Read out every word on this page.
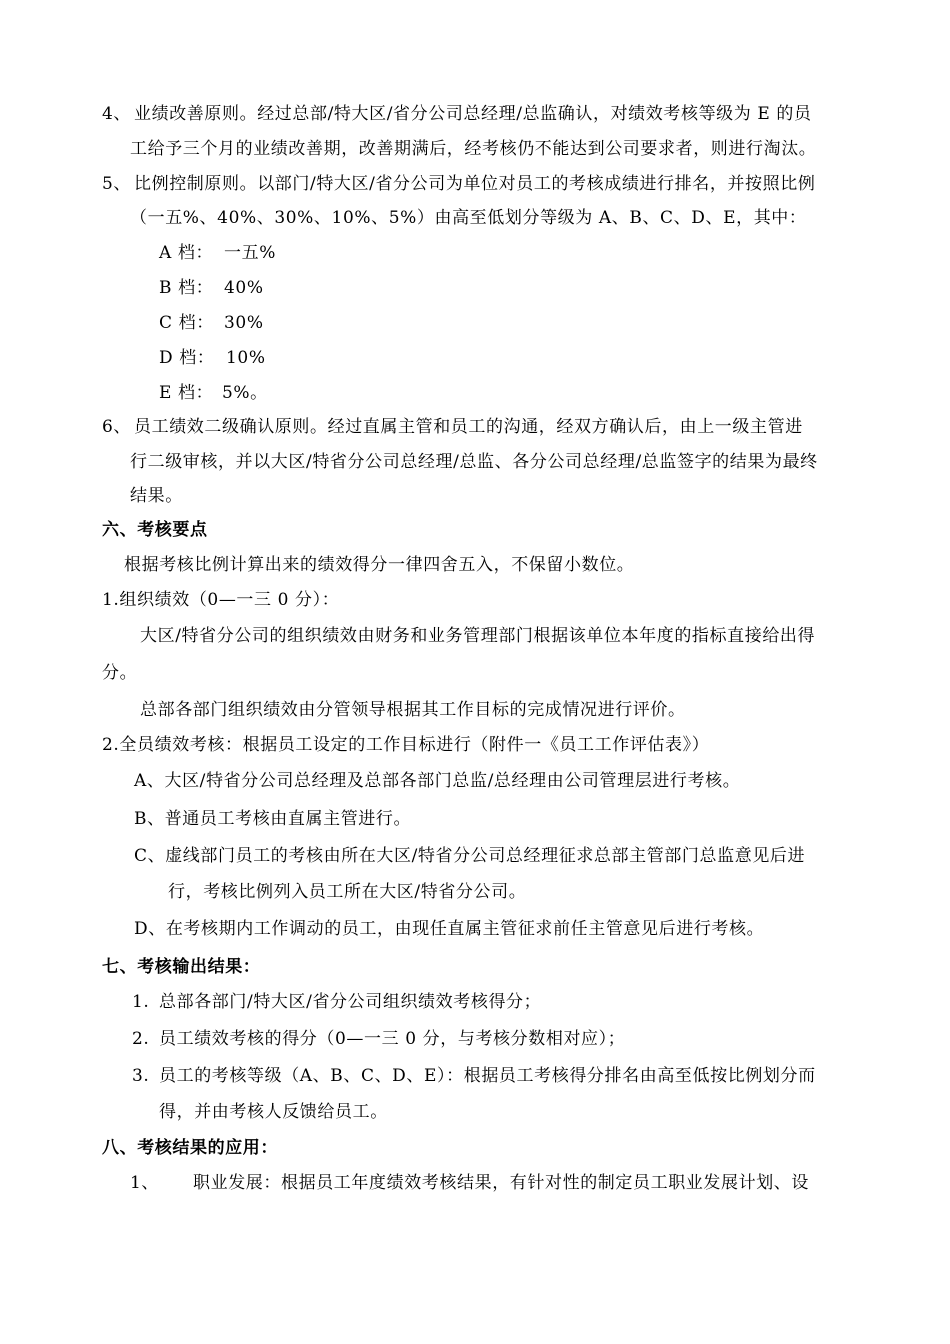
4、 业绩改善原则。经过总部/特大区/省分公司总经理/总监确认，对绩效考核等级为 E 的员
工给予三个月的业绩改善期，改善期满后，经考核仍不能达到公司要求者，则进行淘汰。
5、 比例控制原则。以部门/特大区/省分公司为单位对员工的考核成绩进行排名，并按照比例
（一五%、40%、30%、10%、5%）由高至低划分等级为 A、B、C、D、E，其中：
A 档： 一五%
B 档： 40%
C 档： 30%
D 档： 10%
E 档： 5%。
6、 员工绩效二级确认原则。经过直属主管和员工的沟通，经双方确认后，由上一级主管进
行二级审核，并以大区/特省分公司总经理/总监、各分公司总经理/总监签字的结果为最终
结果。
六、考核要点
根据考核比例计算出来的绩效得分一律四舍五入，不保留小数位。
1.组织绩效（0—一三 0 分）：
大区/特省分公司的组织绩效由财务和业务管理部门根据该单位本年度的指标直接给出得
分。
总部各部门组织绩效由分管领导根据其工作目标的完成情况进行评价。
2.全员绩效考核：根据员工设定的工作目标进行（附件一《员工工作评估表》）
A、大区/特省分公司总经理及总部各部门总监/总经理由公司管理层进行考核。
B、普通员工考核由直属主管进行。
C、虚线部门员工的考核由所在大区/特省分公司总经理征求总部主管部门总监意见后进
行，考核比例列入员工所在大区/特省分公司。
D、在考核期内工作调动的员工，由现任直属主管征求前任主管意见后进行考核。
七、考核输出结果：
1. 总部各部门/特大区/省分公司组织绩效考核得分；
2. 员工绩效考核的得分（0—一三 0 分，与考核分数相对应）；
3. 员工的考核等级（A、B、C、D、E）：根据员工考核得分排名由高至低按比例划分而
得，并由考核人反馈给员工。
八、考核结果的应用：
1、 职业发展：根据员工年度绩效考核结果，有针对性的制定员工职业发展计划、设
